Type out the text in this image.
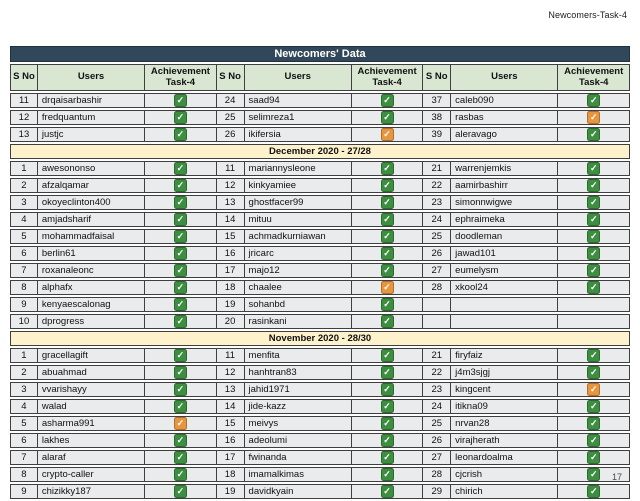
Newcomers-Task-4
Newcomers' Data								
S No	Users	Achievement Task-4	S No	Users	Achievement Task-4	S No	Users	Achievement Task-4
11	drqaisarbashir	✓	24	saad94	✓	37	caleb090	✓
12	fredquantum	✓	25	selimreza1	✓	38	rasbas	✓
13	justjc	✓	26	ikifersia	✓	39	aleravago	✓
December 2020 - 27/28								
1	awesononso	✓	11	mariannysleone	✓	21	warrenjemkis	✓
2	afzalqamar	✓	12	kinkyamiee	✓	22	aamirbashirr	✓
3	okoyeclinton400	✓	13	ghostfacer99	✓	23	simonnwigwe	✓
4	amjadsharif	✓	14	mituu	✓	24	ephraimeka	✓
5	mohammadfaisal	✓	15	achmadkurniawan	✓	25	doodleman	✓
6	berlin61	✓	16	jricarc	✓	26	jawad101	✓
7	roxanaleonc	✓	17	majo12	✓	27	eumelysm	✓
8	alphafx	✓	18	chaalee	✓	28	xkool24	✓
9	kenyaescalonag	✓	19	sohanbd	✓			
10	dprogress	✓	20	rasinkani	✓			
November 2020 - 28/30								
1	gracellagift	✓	11	menfita	✓	21	firyfaiz	✓
2	abuahmad	✓	12	hanhtran83	✓	22	j4m3sjgj	✓
3	vvarishayy	✓	13	jahid1971	✓	23	kingcent	✓
4	walad	✓	14	jide-kazz	✓	24	itikna09	✓
5	asharma991	✓	15	meivys	✓	25	nrvan28	✓
6	lakhes	✓	16	adeolumi	✓	26	virajherath	✓
7	alaraf	✓	17	fwinanda	✓	27	leonardoalma	✓
8	crypto-caller	✓	18	imamalkimas	✓	28	cjcrish	✓
9	chizikky187	✓	19	davidkyain	✓	29	chirich	✓
17
